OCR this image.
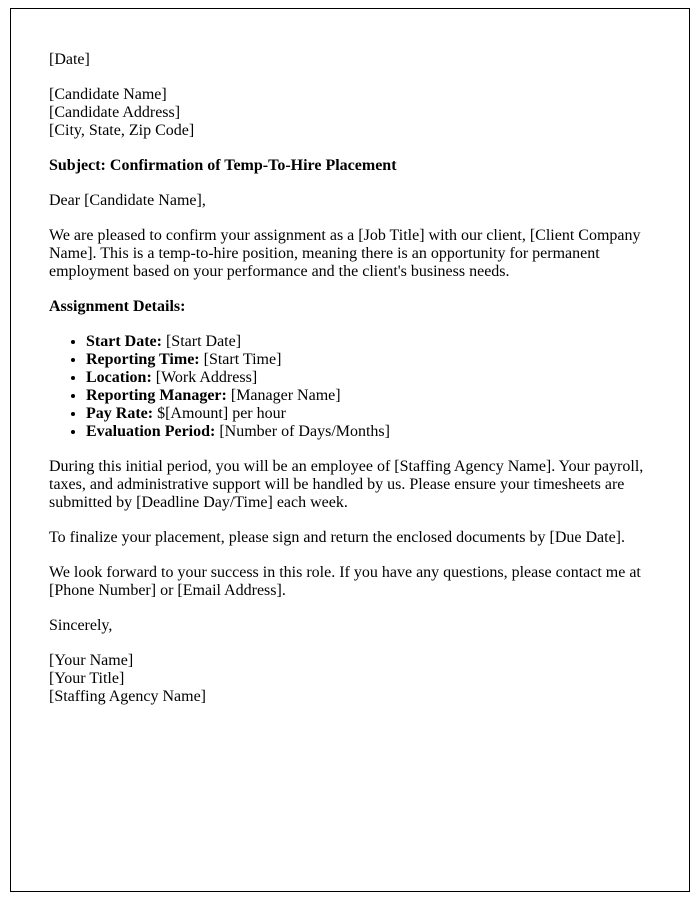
[Date]

[Candidate Name]
[Candidate Address]
[City, State, Zip Code]

Subject: Confirmation of Temp-To-Hire Placement

Dear [Candidate Name],

We are pleased to confirm your assignment as a [Job Title] with our client, [Client Company Name]. This is a temp-to-hire position, meaning there is an opportunity for permanent employment based on your performance and the client's business needs.

Assignment Details:

• Start Date: [Start Date]
• Reporting Time: [Start Time]
• Location: [Work Address]
• Reporting Manager: [Manager Name]
• Pay Rate: $[Amount] per hour
• Evaluation Period: [Number of Days/Months]

During this initial period, you will be an employee of [Staffing Agency Name]. Your payroll, taxes, and administrative support will be handled by us. Please ensure your timesheets are submitted by [Deadline Day/Time] each week.

To finalize your placement, please sign and return the enclosed documents by [Due Date].

We look forward to your success in this role. If you have any questions, please contact me at [Phone Number] or [Email Address].

Sincerely,

[Your Name]
[Your Title]
[Staffing Agency Name]
